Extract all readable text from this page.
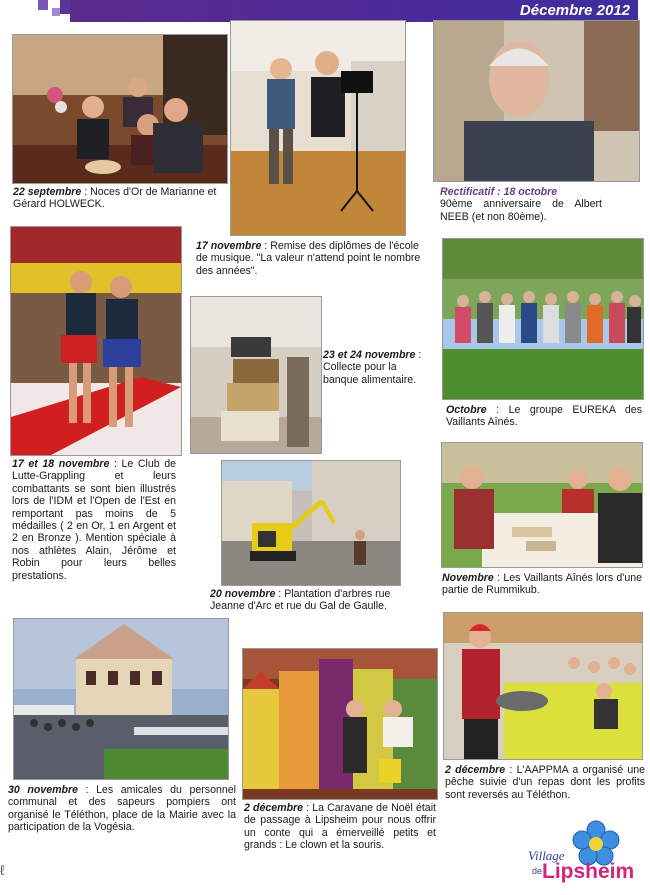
Décembre 2012
22 septembre : Noces d'Or de Marianne et Gérard HOLWECK.
17 novembre : Remise des diplômes de l'école de musique. "La valeur n'attend point le nombre des années".
Rectificatif : 18 octobre
90ème anniversaire de Albert NEEB (et non 80ème).
17 et 18 novembre : Le Club de Lutte-Grappling et leurs combattants se sont bien illustrés lors de l'IDM et l'Open de l'Est en remportant pas moins de 5 médailles ( 2 en Or, 1 en Argent et 2 en Bronze ). Mention spéciale à nos athlètes Alain, Jérôme et Robin pour leurs belles prestations.
23 et 24 novembre : Collecte pour la banque alimentaire.
Octobre : Le groupe EUREKA des Vaillants Aînés.
20 novembre : Plantation d'arbres rue Jeanne d'Arc et rue du Gal de Gaulle.
Novembre : Les Vaillants Aînés lors d'une partie de Rummikub.
30 novembre : Les amicales du personnel communal et des sapeurs pompiers ont organisé le Téléthon, place de la Mairie avec la participation de la Vogésia.
2 décembre : La Caravane de Noël était de passage à Lipsheim pour nous offrir un conte qui a émerveillé petits et grands : Le clown et la souris.
2 décembre : L'AAPPMA a organisé une pêche suivie d'un repas dont les profits sont reversés au Téléthon.
Village
de Lipsheim
ℓ
